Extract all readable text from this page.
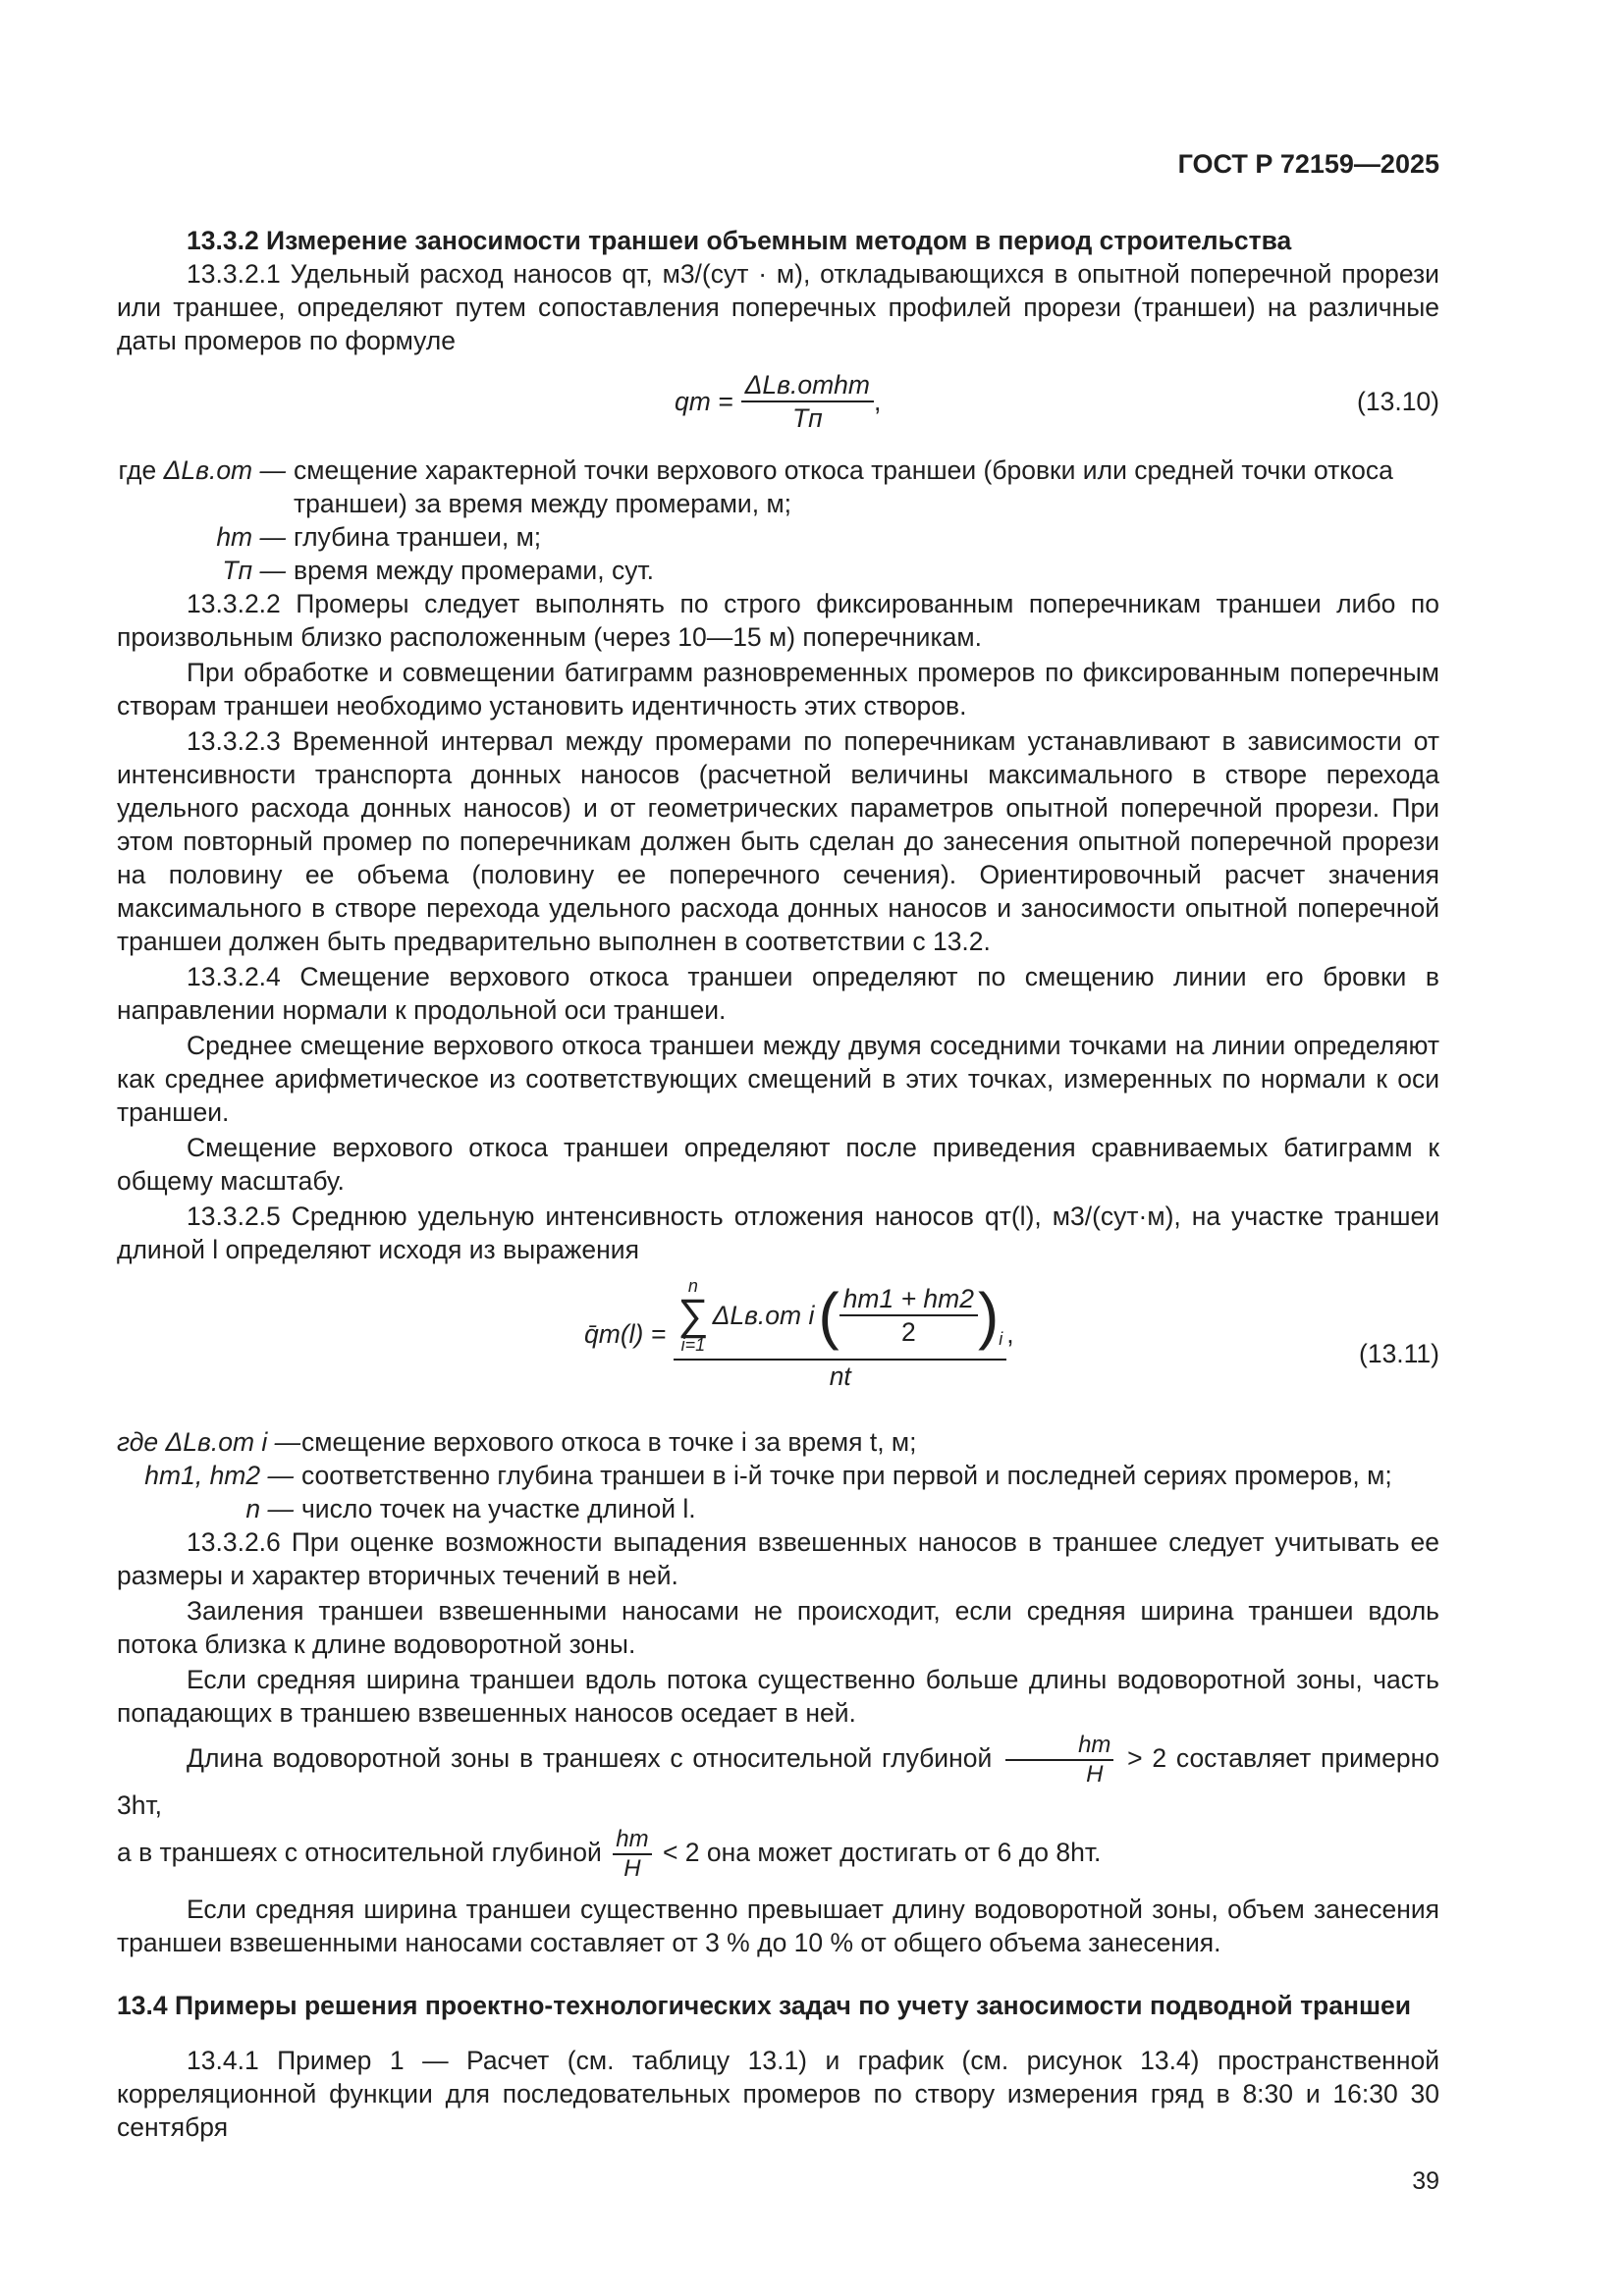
ГОСТ Р 72159—2025
13.3.2 Измерение заносимости траншеи объемным методом в период строительства
13.3.2.1 Удельный расход наносов qт, м3/(сут · м), откладывающихся в опытной поперечной прорези или траншее, определяют путем сопоставления поперечных профилей прорези (траншеи) на различные даты промеров по формуле
qт = $\frac{\text{ΔLв.отhт}}{Tп}$ ,	(13.10)
где ΔLв.от — смещение характерной точки верхового откоса траншеи (бровки или средней точки откоса траншеи) за время между промерами, м;
hт — глубина траншеи, м;
Tп — время между промерами, сут.
13.3.2.2 Промеры следует выполнять по строго фиксированным поперечникам траншеи либо по произвольным близко расположенным (через 10—15 м) поперечникам.
При обработке и совмещении батиграмм разновременных промеров по фиксированным поперечным створам траншеи необходимо установить идентичность этих створов.
13.3.2.3 Временной интервал между промерами по поперечникам устанавливают в зависимости от интенсивности транспорта донных наносов (расчетной величины максимального в створе перехода удельного расхода донных наносов) и от геометрических параметров опытной поперечной прорези. При этом повторный промер по поперечникам должен быть сделан до занесения опытной поперечной прорези на половину ее объема (половину ее поперечного сечения). Ориентировочный расчет значения максимального в створе перехода удельного расхода донных наносов и заносимости опытной поперечной траншеи должен быть предварительно выполнен в соответствии с 13.2.
13.3.2.4 Смещение верхового откоса траншеи определяют по смещению линии его бровки в направлении нормали к продольной оси траншеи.
Среднее смещение верхового откоса траншеи между двумя соседними точками на линии определяют как среднее арифметическое из соответствующих смещений в этих точках, измеренных по нормали к оси траншеи.
Смещение верхового откоса траншеи определяют после приведения сравниваемых батиграмм к общему масштабу.
13.3.2.5 Среднюю удельную интенсивность отложения наносов qт(l), м3/(сут·м), на участке траншеи длиной l определяют исходя из выражения
q̄т(l) =
n
∑
i=1
ΔLв.от i ( $\frac{hт1 + hт2}{2}$ ) i
nt
,
(13.11)
где ΔLв.от i — смещение верхового откоса в точке i за время t, м;
hт1, hт2 — соответственно глубина траншеи в i-й точке при первой и последней сериях промеров, м;
n — число точек на участке длиной l.
13.3.2.6 При оценке возможности выпадения взвешенных наносов в траншее следует учитывать ее размеры и характер вторичных течений в ней.
Заиления траншеи взвешенными наносами не происходит, если средняя ширина траншеи вдоль потока близка к длине водоворотной зоны.
Если средняя ширина траншеи вдоль потока существенно больше длины водоворотной зоны, часть попадающих в траншею взвешенных наносов оседает в ней.
Длина водоворотной зоны в траншеях с относительной глубиной $\frac{hт}{H} > 2$ составляет примерно 3hт,
а в траншеях с относительной глубиной $\frac{hт}{H} < 2$ она может достигать от 6 до 8hт.
Если средняя ширина траншеи существенно превышает длину водоворотной зоны, объем занесения траншеи взвешенными наносами составляет от 3 % до 10 % от общего объема занесения.
13.4 Примеры решения проектно-технологических задач по учету заносимости подводной траншеи
13.4.1 Пример 1 — Расчет (см. таблицу 13.1) и график (см. рисунок 13.4) пространственной корреляционной функции для последовательных промеров по створу измерения гряд в 8:30 и 16:30 30 сентября
39
